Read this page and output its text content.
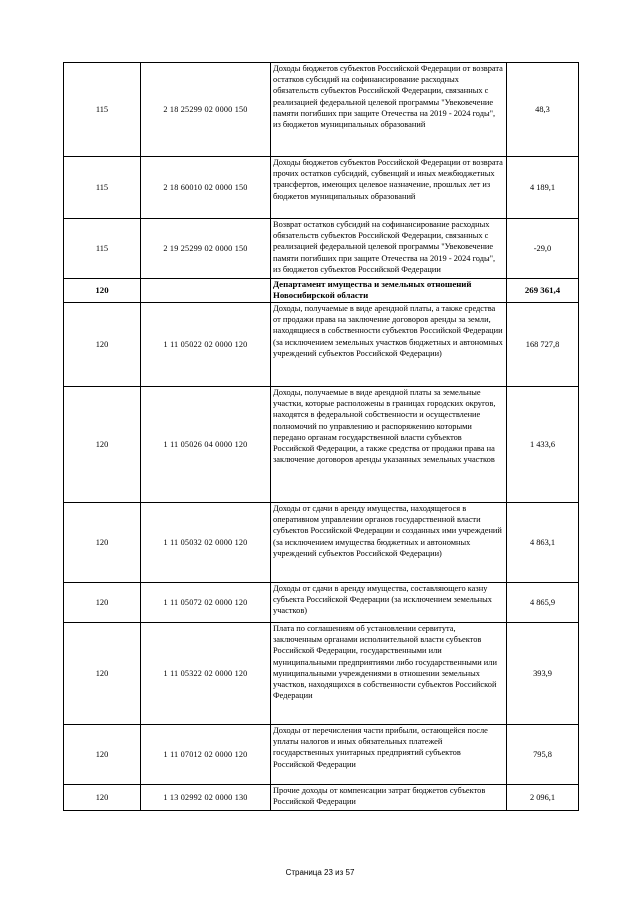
115	2 18 25299 02 0000 150	Доходы бюджетов субъектов Российской Федерации от возврата остатков субсидий на софинансирование расходных обязательств субъектов Российской Федерации, связанных с реализацией федеральной целевой программы "Увековечение памяти погибших при защите Отечества на 2019 - 2024 годы", из бюджетов муниципальных образований	48,3
115	2 18 60010 02 0000 150	Доходы бюджетов субъектов Российской Федерации от возврата прочих остатков субсидий, субвенций и иных межбюджетных трансфертов, имеющих целевое назначение, прошлых лет из бюджетов муниципальных образований	4 189,1
115	2 19 25299 02 0000 150	Возврат остатков субсидий на софинансирование расходных обязательств субъектов Российской Федерации, связанных с реализацией федеральной целевой программы "Увековечение памяти погибших при защите Отечества на 2019 - 2024 годы", из бюджетов субъектов Российской Федерации	-29,0
120		Департамент имущества и земельных отношений Новосибирской области	269 361,4
120	1 11 05022 02 0000 120	Доходы, получаемые в виде арендной платы, а также средства от продажи права на заключение договоров аренды за земли, находящиеся в собственности субъектов Российской Федерации (за исключением земельных участков бюджетных и автономных учреждений субъектов Российской Федерации)	168 727,8
120	1 11 05026 04 0000 120	Доходы, получаемые в виде арендной платы за земельные участки, которые расположены в границах городских округов, находятся в федеральной собственности и осуществление полномочий по управлению и распоряжению которыми передано органам государственной власти субъектов Российской Федерации, а также средства от продажи права на заключение договоров аренды указанных земельных участков	1 433,6
120	1 11 05032 02 0000 120	Доходы от сдачи в аренду имущества, находящегося в оперативном управлении органов государственной власти субъектов Российской Федерации и созданных ими учреждений (за исключением имущества бюджетных и автономных учреждений субъектов Российской Федерации)	4 863,1
120	1 11 05072 02 0000 120	Доходы от сдачи в аренду имущества, составляющего казну субъекта Российской Федерации (за исключением земельных участков)	4 865,9
120	1 11 05322 02 0000 120	Плата по соглашениям об установлении сервитута, заключенным органами исполнительной власти субъектов Российской Федерации, государственными или муниципальными предприятиями либо государственными или муниципальными учреждениями в отношении земельных участков, находящихся в собственности субъектов Российской Федерации	393,9
120	1 11 07012 02 0000 120	Доходы от перечисления части прибыли, остающейся после уплаты налогов и иных обязательных платежей государственных унитарных предприятий субъектов Российской Федерации	795,8
120	1 13 02992 02 0000 130	Прочие доходы от компенсации затрат бюджетов субъектов Российской Федерации	2 096,1
Страница 23 из 57
